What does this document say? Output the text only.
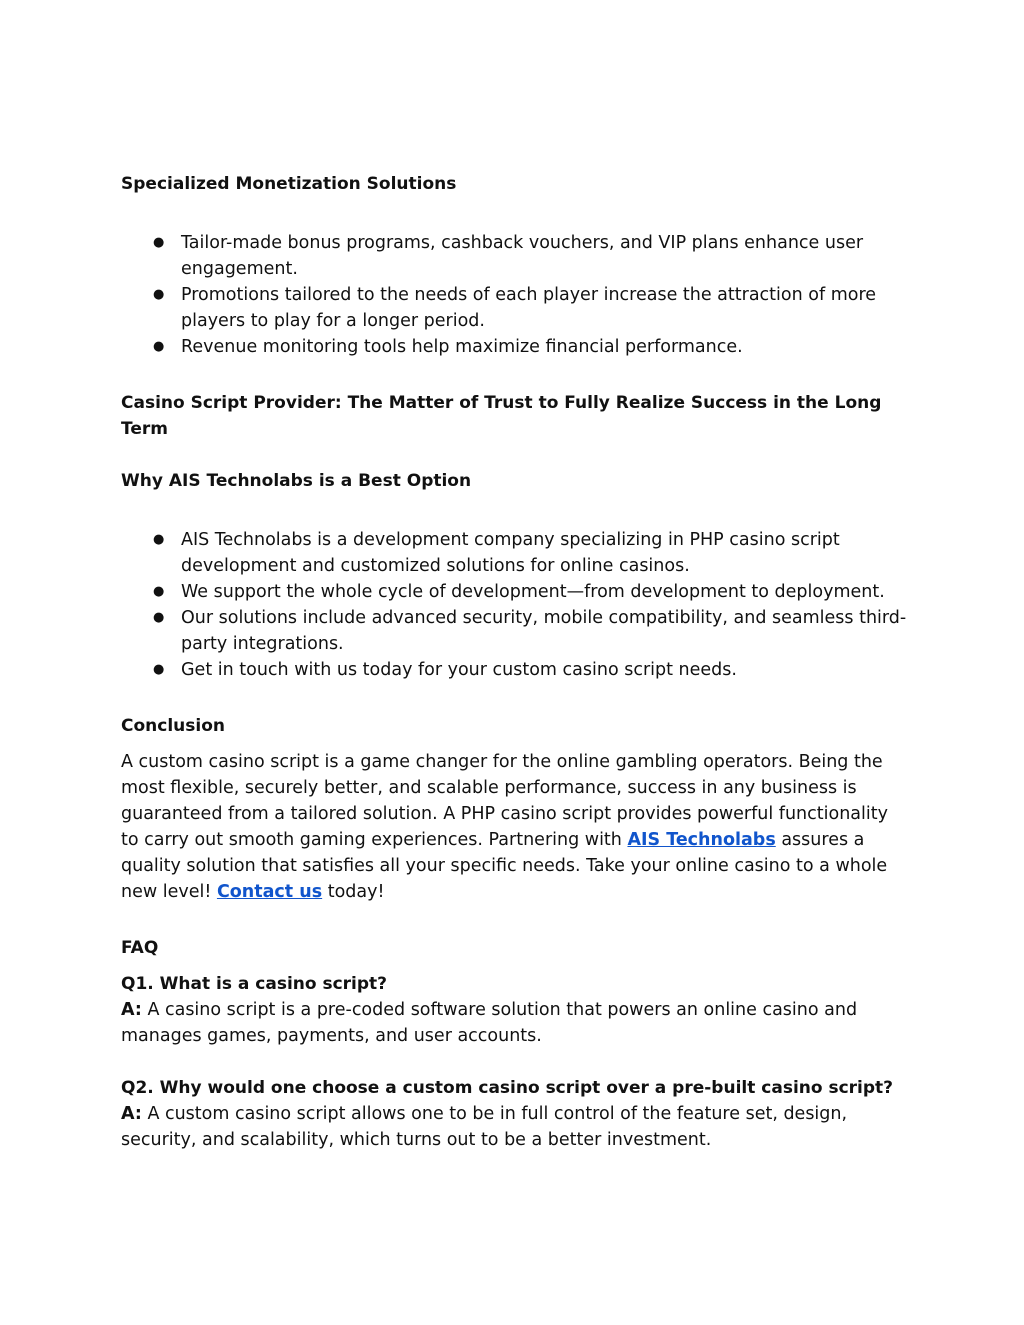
Specialized Monetization Solutions

● Tailor-made bonus programs, cashback vouchers, and VIP plans enhance user engagement.
● Promotions tailored to the needs of each player increase the attraction of more players to play for a longer period.
● Revenue monitoring tools help maximize financial performance.

Casino Script Provider: The Matter of Trust to Fully Realize Success in the Long Term

Why AIS Technolabs is a Best Option

● AIS Technolabs is a development company specializing in PHP casino script development and customized solutions for online casinos.
● We support the whole cycle of development—from development to deployment.
● Our solutions include advanced security, mobile compatibility, and seamless third-party integrations.
● Get in touch with us today for your custom casino script needs.

Conclusion

A custom casino script is a game changer for the online gambling operators. Being the most flexible, securely better, and scalable performance, success in any business is guaranteed from a tailored solution. A PHP casino script provides powerful functionality to carry out smooth gaming experiences. Partnering with AIS Technolabs assures a quality solution that satisfies all your specific needs. Take your online casino to a whole new level! Contact us today!

FAQ

Q1. What is a casino script?

A: A casino script is a pre-coded software solution that powers an online casino and manages games, payments, and user accounts.

Q2. Why would one choose a custom casino script over a pre-built casino script?

A: A custom casino script allows one to be in full control of the feature set, design, security, and scalability, which turns out to be a better investment.
